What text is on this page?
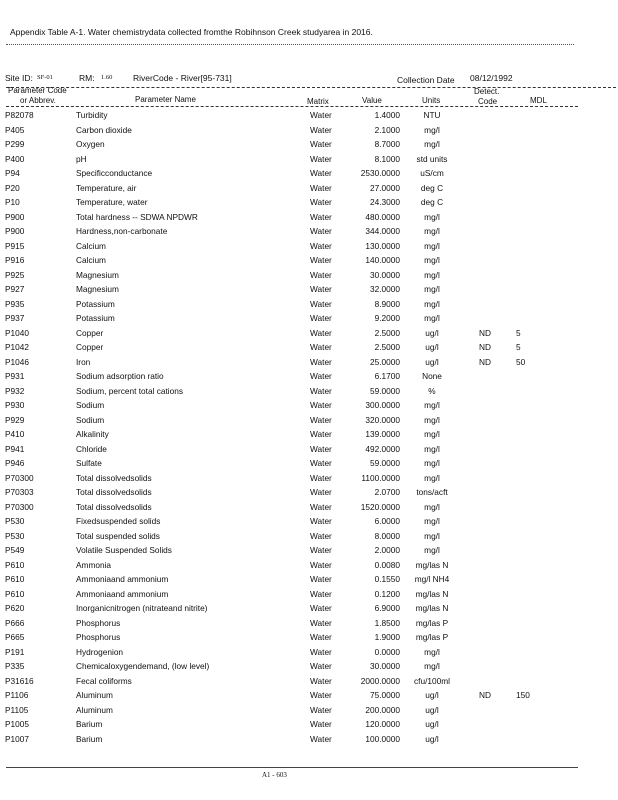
Appendix Table A-1. Water chemistrydata collected fromthe Robihnson Creek studyarea in 2016.
Site ID: SF-01	RM: 1.60 RiverCode - River[95-731]	Collection Date 08/12/1992
Parameter Code
or Abbrev.	Parameter Name	Matrix	Value	Units
Detect.
Code	MDL
P82078	Turbidity	Water	1.4000	NTU
P405	Carbon dioxide	Water	2.1000	mg/l
P299	Oxygen	Water	8.7000	mg/l
P400	pH	Water	8.1000	std units
P94	Specificconductance	Water	2530.0000	uS/cm
P20	Temperature, air	Water	27.0000	deg C
P10	Temperature, water	Water	24.3000	deg C
P900	Total hardness -- SDWA NPDWR	Water	480.0000	mg/l
P900	Hardness,non-carbonate	Water	344.0000	mg/l
P915	Calcium	Water	130.0000	mg/l
P916	Calcium	Water	140.0000	mg/l
P925	Magnesium	Water	30.0000	mg/l
P927	Magnesium	Water	32.0000	mg/l
P935	Potassium	Water	8.9000	mg/l
P937	Potassium	Water	9.2000	mg/l
P1040	Copper	Water	2.5000	ug/l	ND	5
P1042	Copper	Water	2.5000	ug/l	ND	5
P1046	Iron	Water	25.0000	ug/l	ND	50
P931	Sodium adsorption ratio	Water	6.1700	None
P932	Sodium, percent total cations	Water	59.0000	%
P930	Sodium	Water	300.0000	mg/l
P929	Sodium	Water	320.0000	mg/l
P410	Alkalinity	Water	139.0000	mg/l
P941	Chloride	Water	492.0000	mg/l
P946	Sulfate	Water	59.0000	mg/l
P70300	Total dissolvedsolids	Water	1100.0000	mg/l
P70303	Total dissolvedsolids	Water	2.0700	tons/acft
P70300	Total dissolvedsolids	Water	1520.0000	mg/l
P530	Fixedsuspended solids	Water	6.0000	mg/l
P530	Total suspended solids	Water	8.0000	mg/l
P549	Volatile Suspended Solids	Water	2.0000	mg/l
P610	Ammonia	Water	0.0080	mg/las N
P610	Ammoniaand ammonium	Water	0.1550	mg/l NH4
P610	Ammoniaand ammonium	Water	0.1200	mg/las N
P620	Inorganicnitrogen (nitrateand nitrite)	Water	6.9000	mg/las N
P666	Phosphorus	Water	1.8500	mg/las P
P665	Phosphorus	Water	1.9000	mg/las P
P191	Hydrogenion	Water	0.0000	mg/l
P335	Chemicaloxygendemand, (low level)	Water	30.0000	mg/l
P31616	Fecal coliforms	Water	2000.0000	cfu/100ml
P1106	Aluminum	Water	75.0000	ug/l	ND	150
P1105	Aluminum	Water	200.0000	ug/l
P1005	Barium	Water	120.0000	ug/l
P1007	Barium	Water	100.0000	ug/l
A1 - 603
